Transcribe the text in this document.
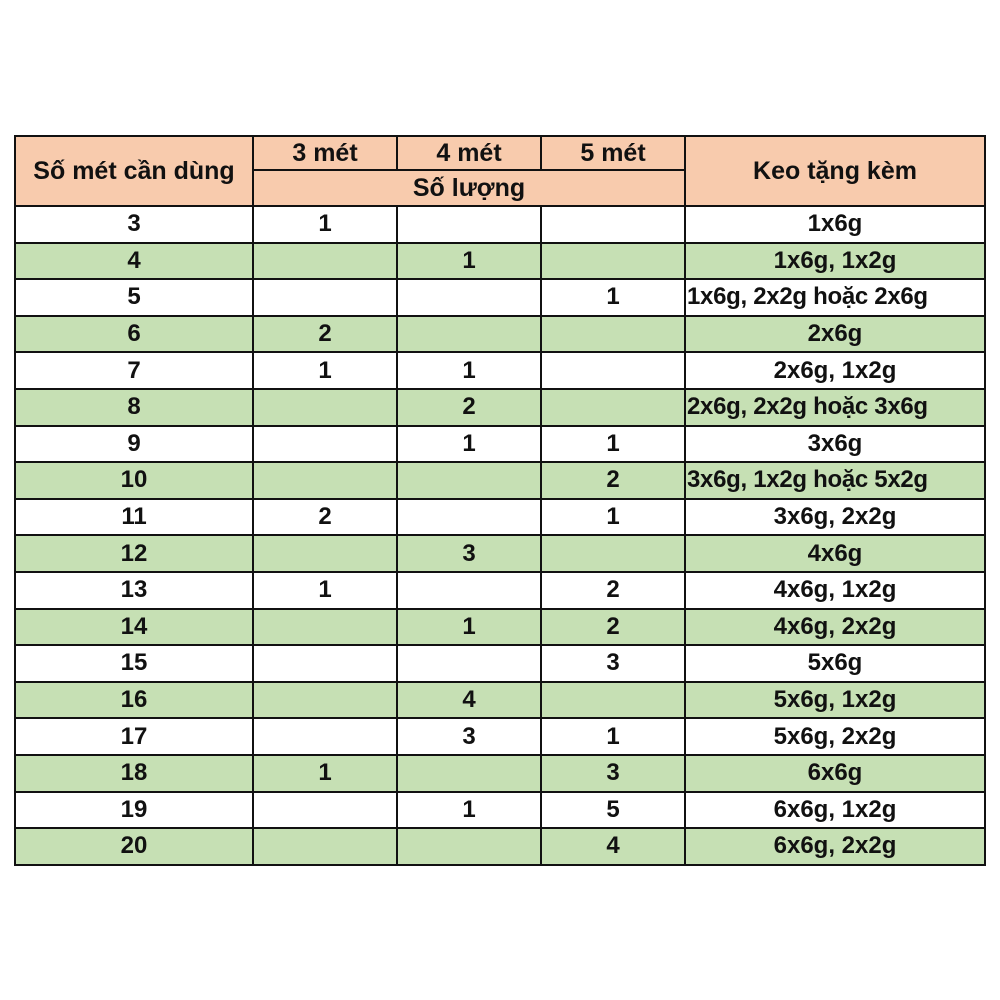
Số mét cần dùng	3 mét	4 mét	5 mét	Keo tặng kèm
	Số lượng			
3	1			1x6g
4		1		1x6g, 1x2g
5			1	1x6g, 2x2g hoặc 2x6g
6	2			2x6g
7	1	1		2x6g, 1x2g
8		2		2x6g, 2x2g hoặc 3x6g
9		1	1	3x6g
10			2	3x6g, 1x2g hoặc 5x2g
11	2		1	3x6g, 2x2g
12		3		4x6g
13	1		2	4x6g, 1x2g
14		1	2	4x6g, 2x2g
15			3	5x6g
16		4		5x6g, 1x2g
17		3	1	5x6g, 2x2g
18	1		3	6x6g
19		1	5	6x6g, 1x2g
20			4	6x6g, 2x2g
